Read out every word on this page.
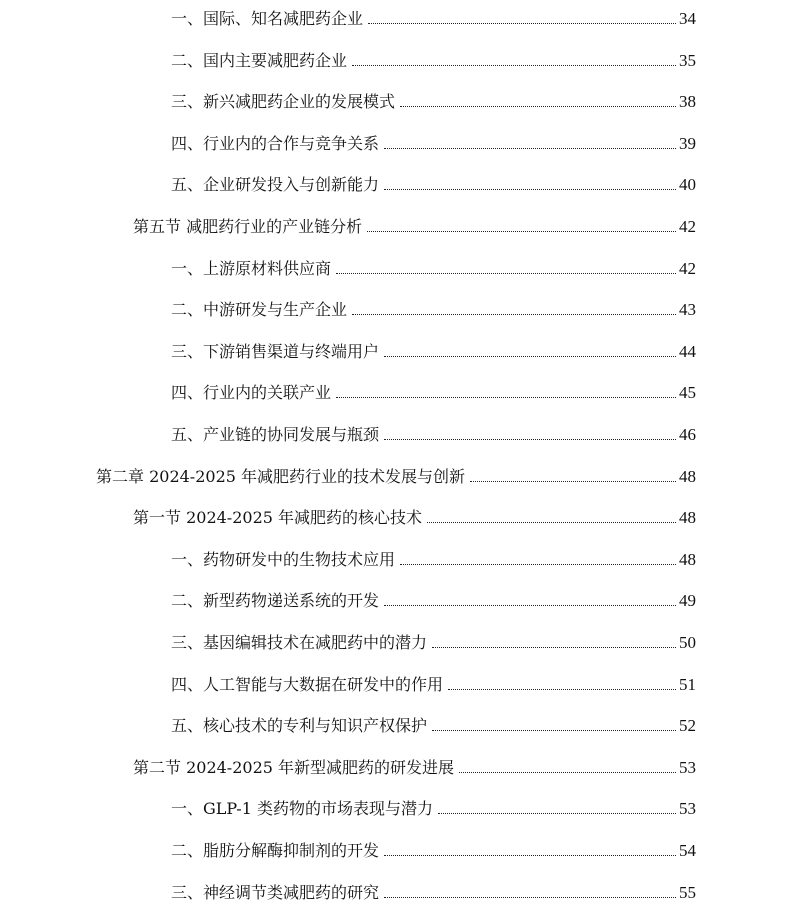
一、国际、知名减肥药企业	34
二、国内主要减肥药企业	35
三、新兴减肥药企业的发展模式	38
四、行业内的合作与竞争关系	39
五、企业研发投入与创新能力	40
第五节 减肥药行业的产业链分析	42
一、上游原材料供应商	42
二、中游研发与生产企业	43
三、下游销售渠道与终端用户	44
四、行业内的关联产业	45
五、产业链的协同发展与瓶颈	46
第二章 2024-2025 年减肥药行业的技术发展与创新	48
第一节 2024-2025 年减肥药的核心技术	48
一、药物研发中的生物技术应用	48
二、新型药物递送系统的开发	49
三、基因编辑技术在减肥药中的潜力	50
四、人工智能与大数据在研发中的作用	51
五、核心技术的专利与知识产权保护	52
第二节 2024-2025 年新型减肥药的研发进展	53
一、GLP-1 类药物的市场表现与潜力	53
二、脂肪分解酶抑制剂的开发	54
三、神经调节类减肥药的研究	55
